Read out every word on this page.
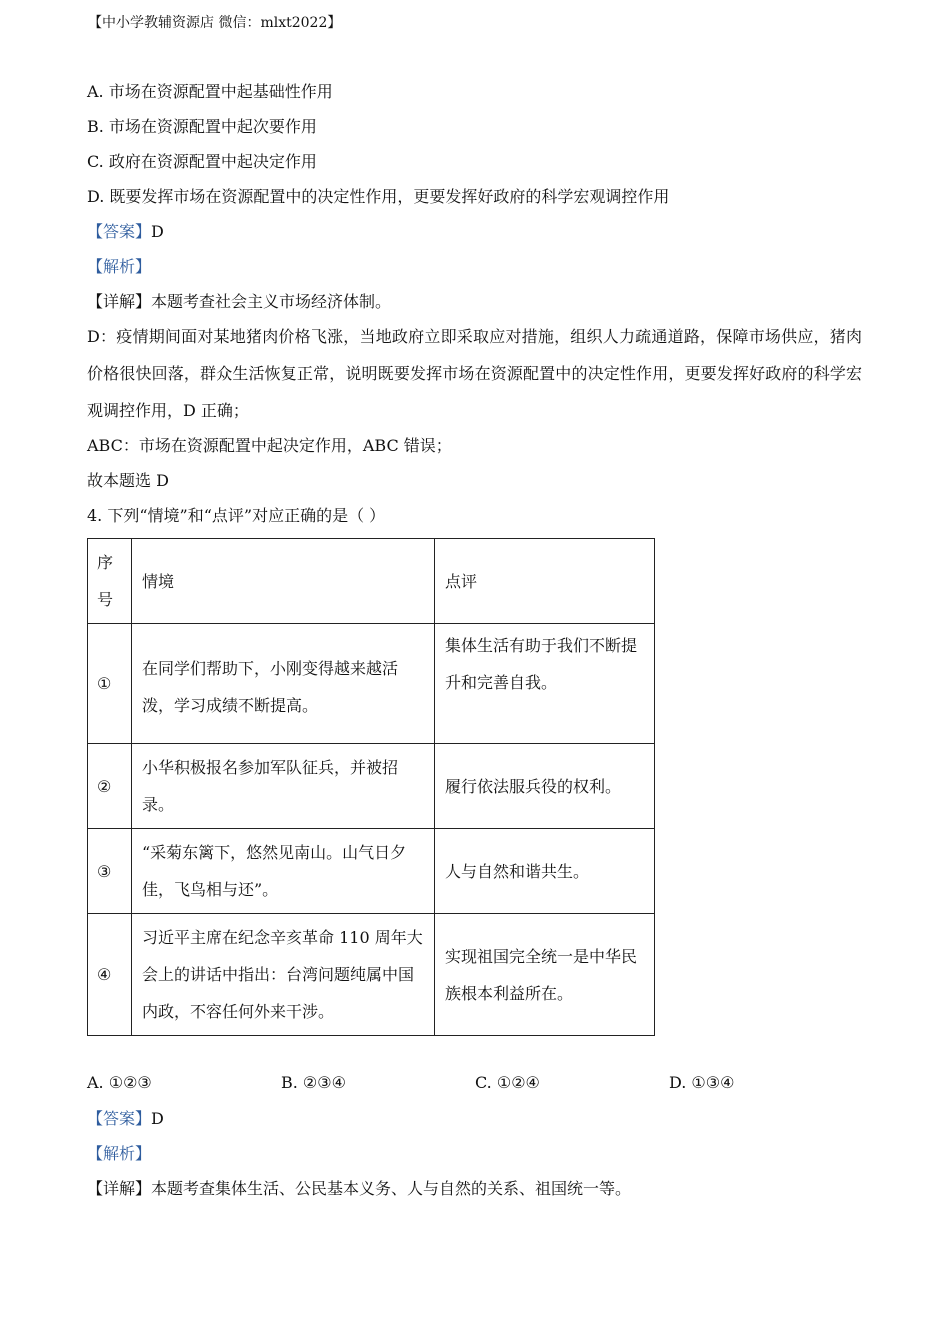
【中小学教辅资源店 微信：mlxt2022】
A. 市场在资源配置中起基础性作用
B. 市场在资源配置中起次要作用
C. 政府在资源配置中起决定作用
D. 既要发挥市场在资源配置中的决定性作用，更要发挥好政府的科学宏观调控作用
【答案】D
【解析】
【详解】本题考查社会主义市场经济体制。
D：疫情期间面对某地猪肉价格飞涨，当地政府立即采取应对措施，组织人力疏通道路，保障市场供应，猪肉价格很快回落，群众生活恢复正常，说明既要发挥市场在资源配置中的决定性作用，更要发挥好政府的科学宏观调控作用，D 正确；
ABC：市场在资源配置中起决定作用，ABC 错误；
故本题选 D
4. 下列“情境”和“点评”对应正确的是（ ）
序号	情境	点评
①	在同学们帮助下，小刚变得越来越活泼，学习成绩不断提高。	集体生活有助于我们不断提升和完善自我。
②	小华积极报名参加军队征兵，并被招录。	履行依法服兵役的权利。
③	“采菊东篱下，悠然见南山。山气日夕佳，飞鸟相与还”。	人与自然和谐共生。
④	习近平主席在纪念辛亥革命 110 周年大会上的讲话中指出：台湾问题纯属中国内政，不容任何外来干涉。	实现祖国完全统一是中华民族根本利益所在。
A. ①②③	B. ②③④	C. ①②④	D. ①③④
【答案】D
【解析】
【详解】本题考查集体生活、公民基本义务、人与自然的关系、祖国统一等。
